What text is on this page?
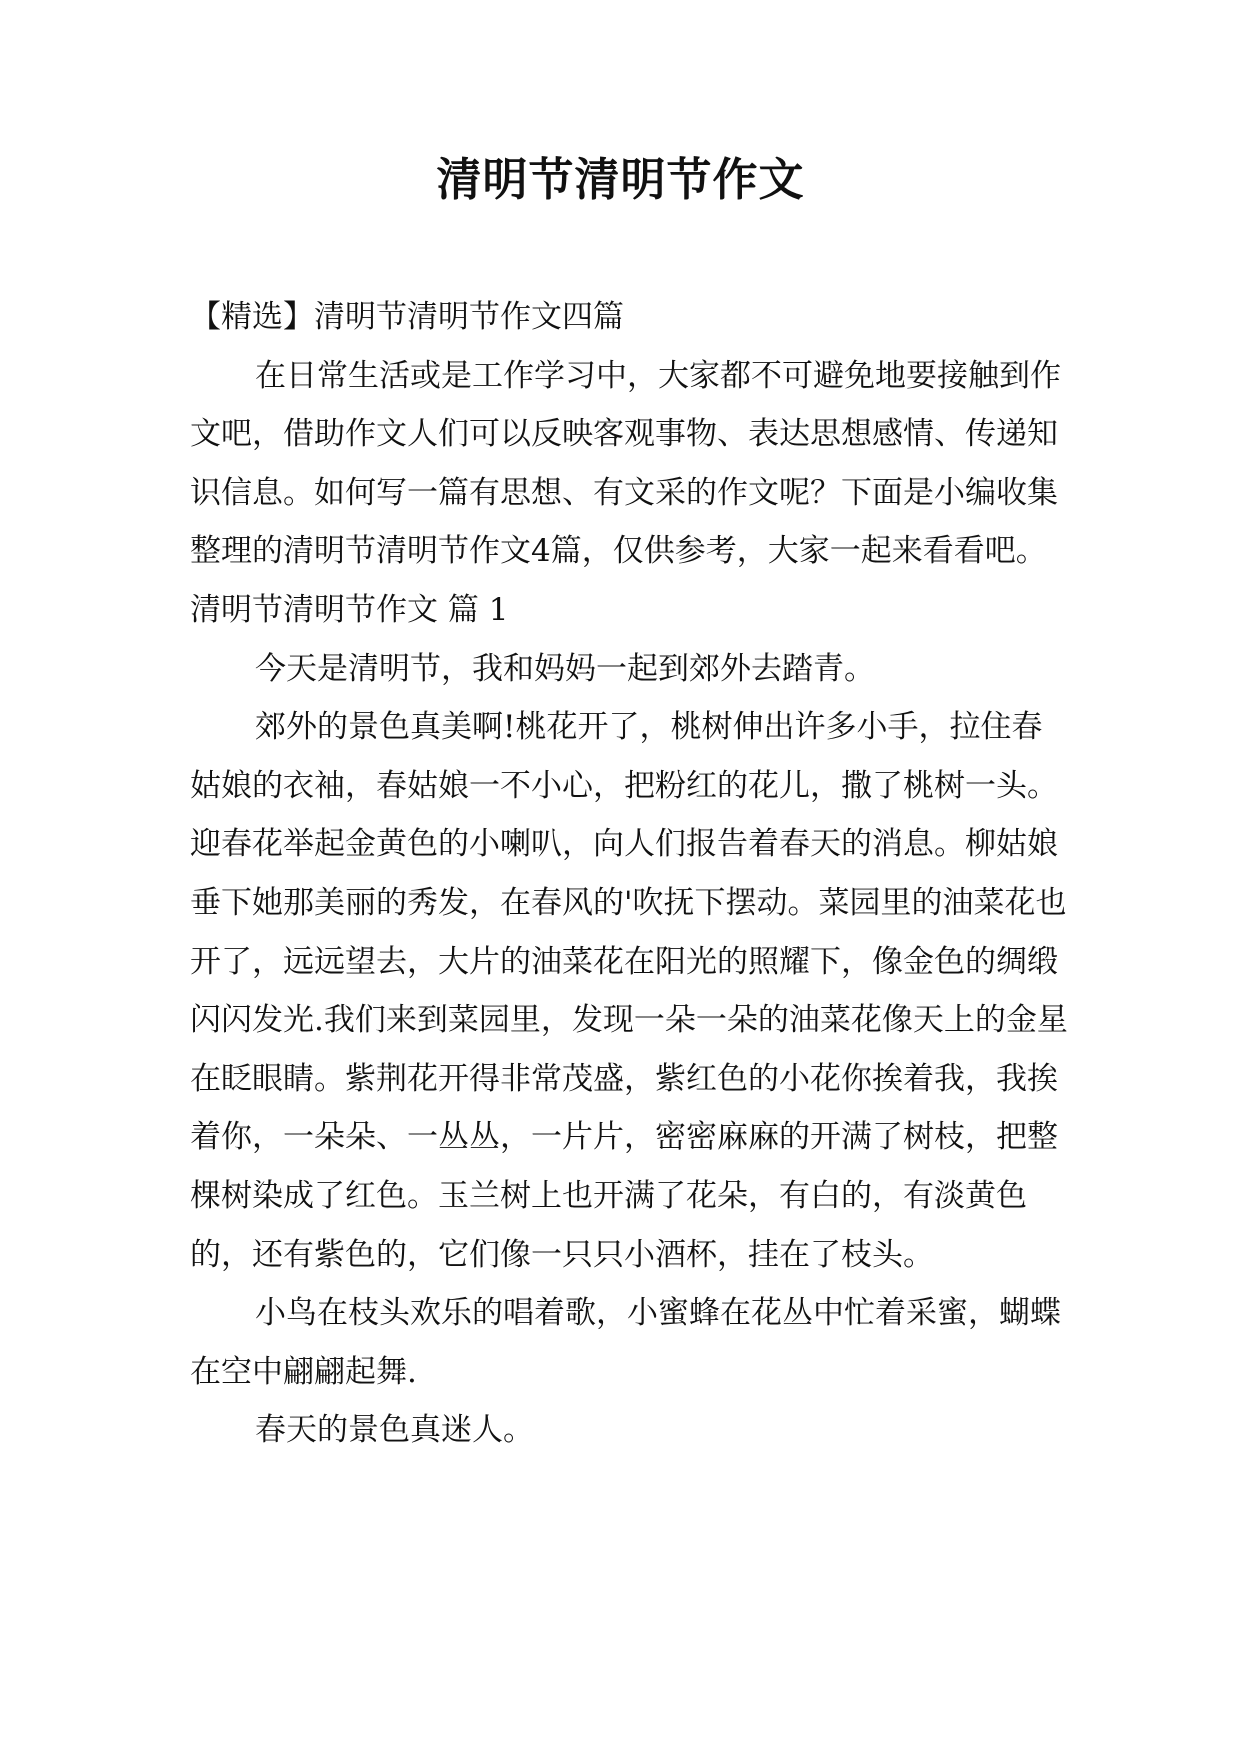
清明节清明节作文

【精选】清明节清明节作文四篇

在日常生活或是工作学习中，大家都不可避免地要接触到作文吧，借助作文人们可以反映客观事物、表达思想感情、传递知识信息。如何写一篇有思想、有文采的作文呢？下面是小编收集整理的清明节清明节作文4篇，仅供参考，大家一起来看看吧。

清明节清明节作文 篇 1

今天是清明节，我和妈妈一起到郊外去踏青。

郊外的景色真美啊!桃花开了，桃树伸出许多小手，拉住春姑娘的衣袖，春姑娘一不小心，把粉红的花儿，撒了桃树一头。迎春花举起金黄色的小喇叭，向人们报告着春天的消息。柳姑娘垂下她那美丽的秀发，在春风的'吹抚下摆动。菜园里的油菜花也开了，远远望去，大片的油菜花在阳光的照耀下，像金色的绸缎闪闪发光.我们来到菜园里，发现一朵一朵的油菜花像天上的金星在眨眼睛。紫荆花开得非常茂盛，紫红色的小花你挨着我，我挨着你，一朵朵、一丛丛，一片片，密密麻麻的开满了树枝，把整棵树染成了红色。玉兰树上也开满了花朵，有白的，有淡黄色的，还有紫色的，它们像一只只小酒杯，挂在了枝头。

小鸟在枝头欢乐的唱着歌，小蜜蜂在花丛中忙着采蜜，蝴蝶在空中翩翩起舞.

春天的景色真迷人。
